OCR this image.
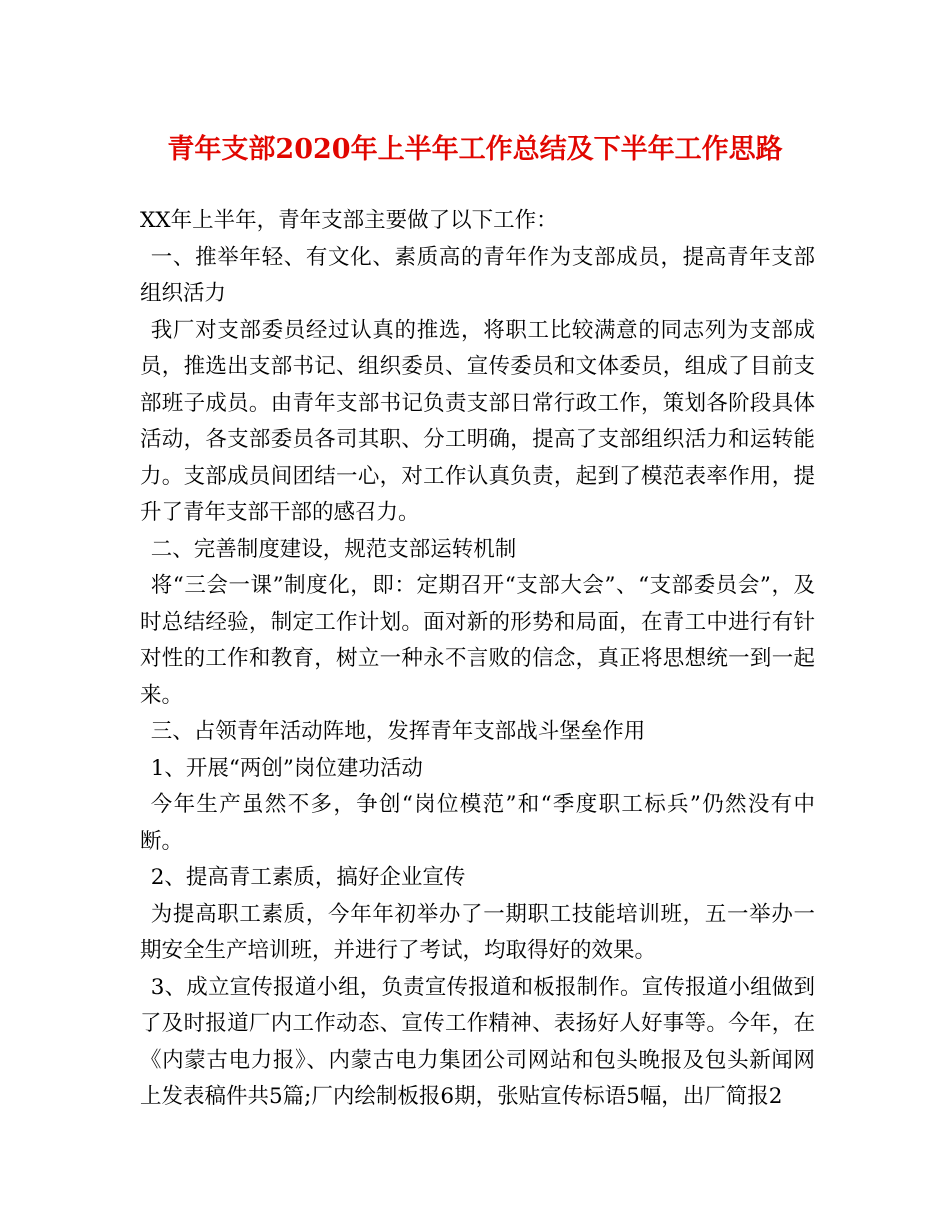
青年支部2020年上半年工作总结及下半年工作思路

XX年上半年，青年支部主要做了以下工作：

一、推举年轻、有文化、素质高的青年作为支部成员，提高青年支部组织活力

我厂对支部委员经过认真的推选，将职工比较满意的同志列为支部成员，推选出支部书记、组织委员、宣传委员和文体委员，组成了目前支部班子成员。由青年支部书记负责支部日常行政工作，策划各阶段具体活动，各支部委员各司其职、分工明确，提高了支部组织活力和运转能力。支部成员间团结一心，对工作认真负责，起到了模范表率作用，提升了青年支部干部的感召力。

二、完善制度建设，规范支部运转机制

将“三会一课”制度化，即：定期召开“支部大会”、“支部委员会”，及时总结经验，制定工作计划。面对新的形势和局面，在青工中进行有针对性的工作和教育，树立一种永不言败的信念，真正将思想统一到一起来。

三、占领青年活动阵地，发挥青年支部战斗堡垒作用

1、开展“两创”岗位建功活动

今年生产虽然不多，争创“岗位模范”和“季度职工标兵”仍然没有中断。

2、提高青工素质，搞好企业宣传

为提高职工素质，今年年初举办了一期职工技能培训班，五一举办一期安全生产培训班，并进行了考试，均取得好的效果。

3、成立宣传报道小组，负责宣传报道和板报制作。宣传报道小组做到了及时报道厂内工作动态、宣传工作精神、表扬好人好事等。今年，在《内蒙古电力报》、内蒙古电力集团公司网站和包头晚报及包头新闻网上发表稿件共5篇;厂内绘制板报6期，张贴宣传标语5幅，出厂简报2
